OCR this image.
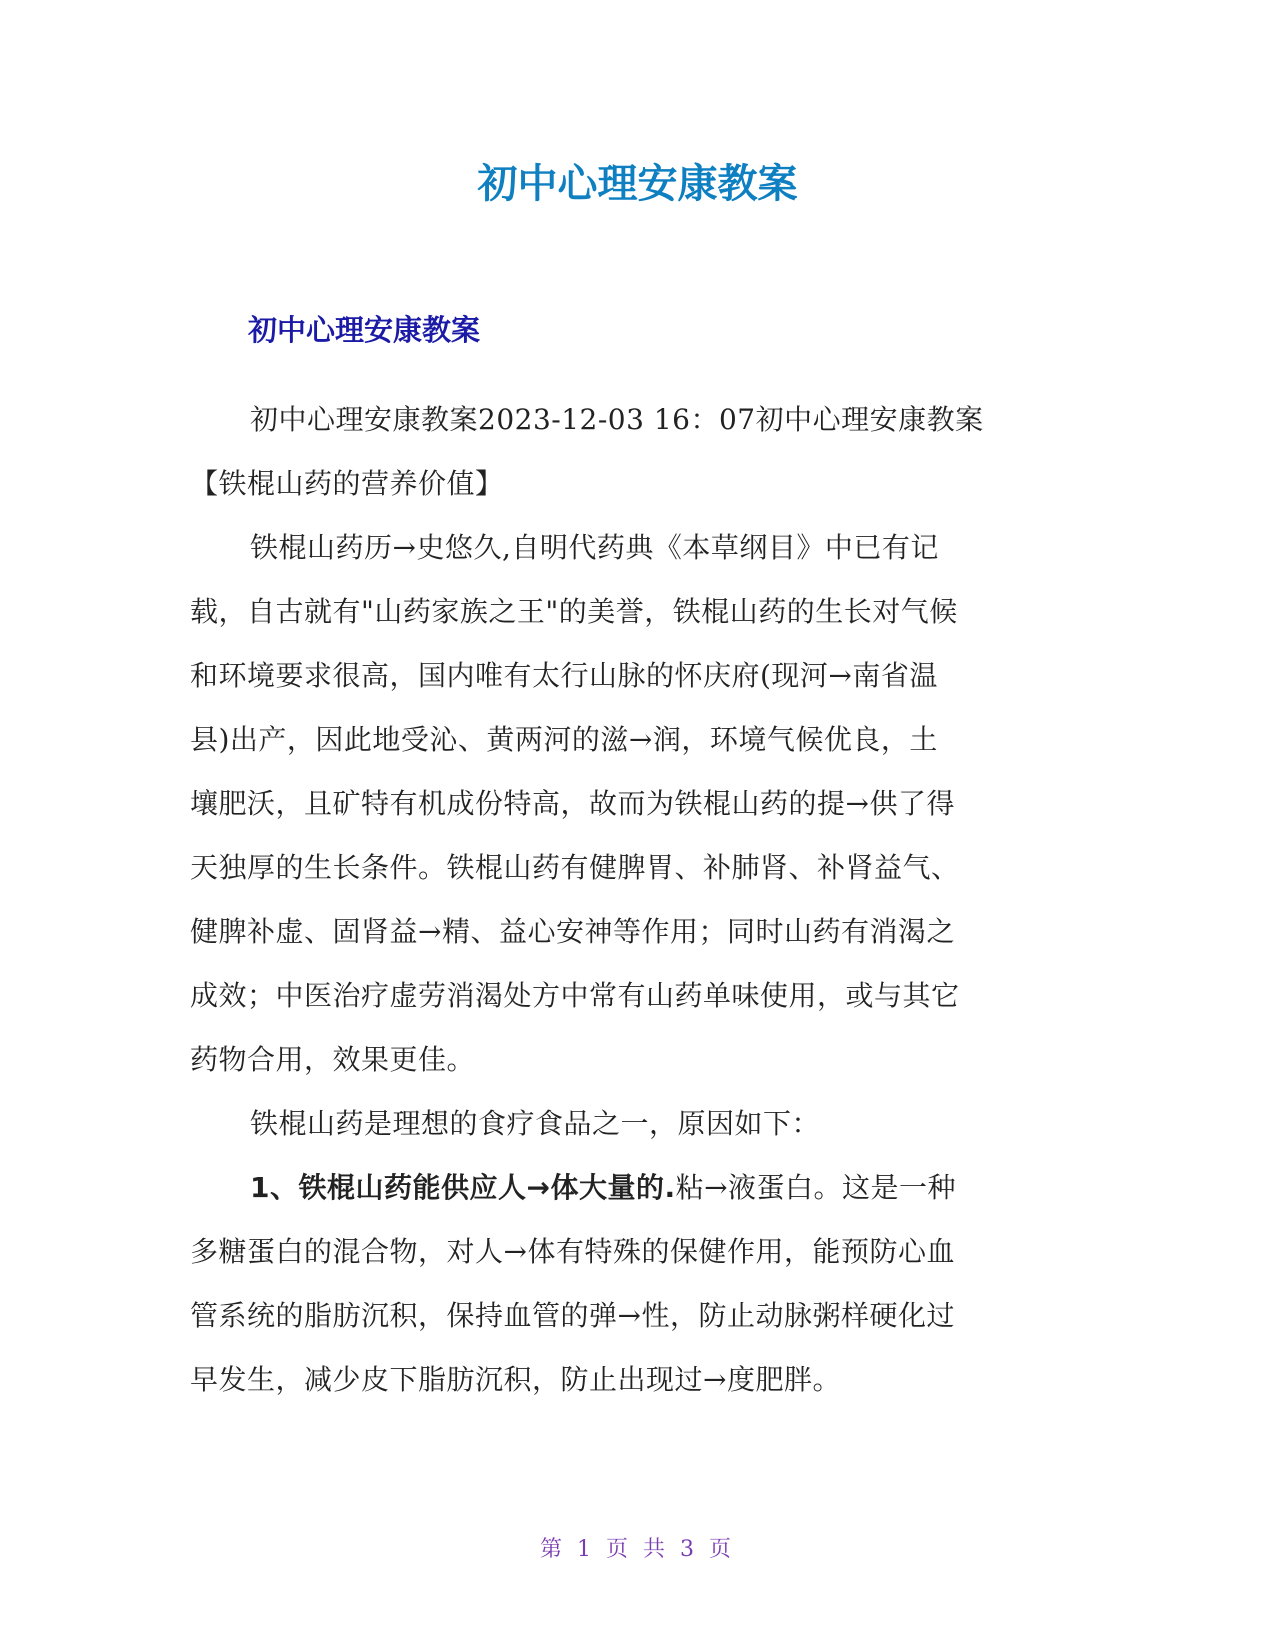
初中心理安康教案
初中心理安康教案

初中心理安康教案2023-12-03 16：07初中心理安康教案
【铁棍山药的营养价值】

铁棍山药历→史悠久,自明代药典《本草纲目》中已有记
载，自古就有"山药家族之王"的美誉，铁棍山药的生长对气候
和环境要求很高，国内唯有太行山脉的怀庆府(现河→南省温
县)出产，因此地受沁、黄两河的滋→润，环境气候优良，土
壤肥沃，且矿特有机成份特高，故而为铁棍山药的提→供了得
天独厚的生长条件。铁棍山药有健脾胃、补肺肾、补肾益气、
健脾补虚、固肾益→精、益心安神等作用；同时山药有消渴之
成效；中医治疗虚劳消渴处方中常有山药单味使用，或与其它
药物合用，效果更佳。

铁棍山药是理想的食疗食品之一，原因如下：

1、铁棍山药能供应人→体大量的.粘→液蛋白。这是一种
多糖蛋白的混合物，对人→体有特殊的保健作用，能预防心血
管系统的脂肪沉积，保持血管的弹→性，防止动脉粥样硬化过
早发生，减少皮下脂肪沉积，防止出现过→度肥胖。

第 1 页 共 3 页
